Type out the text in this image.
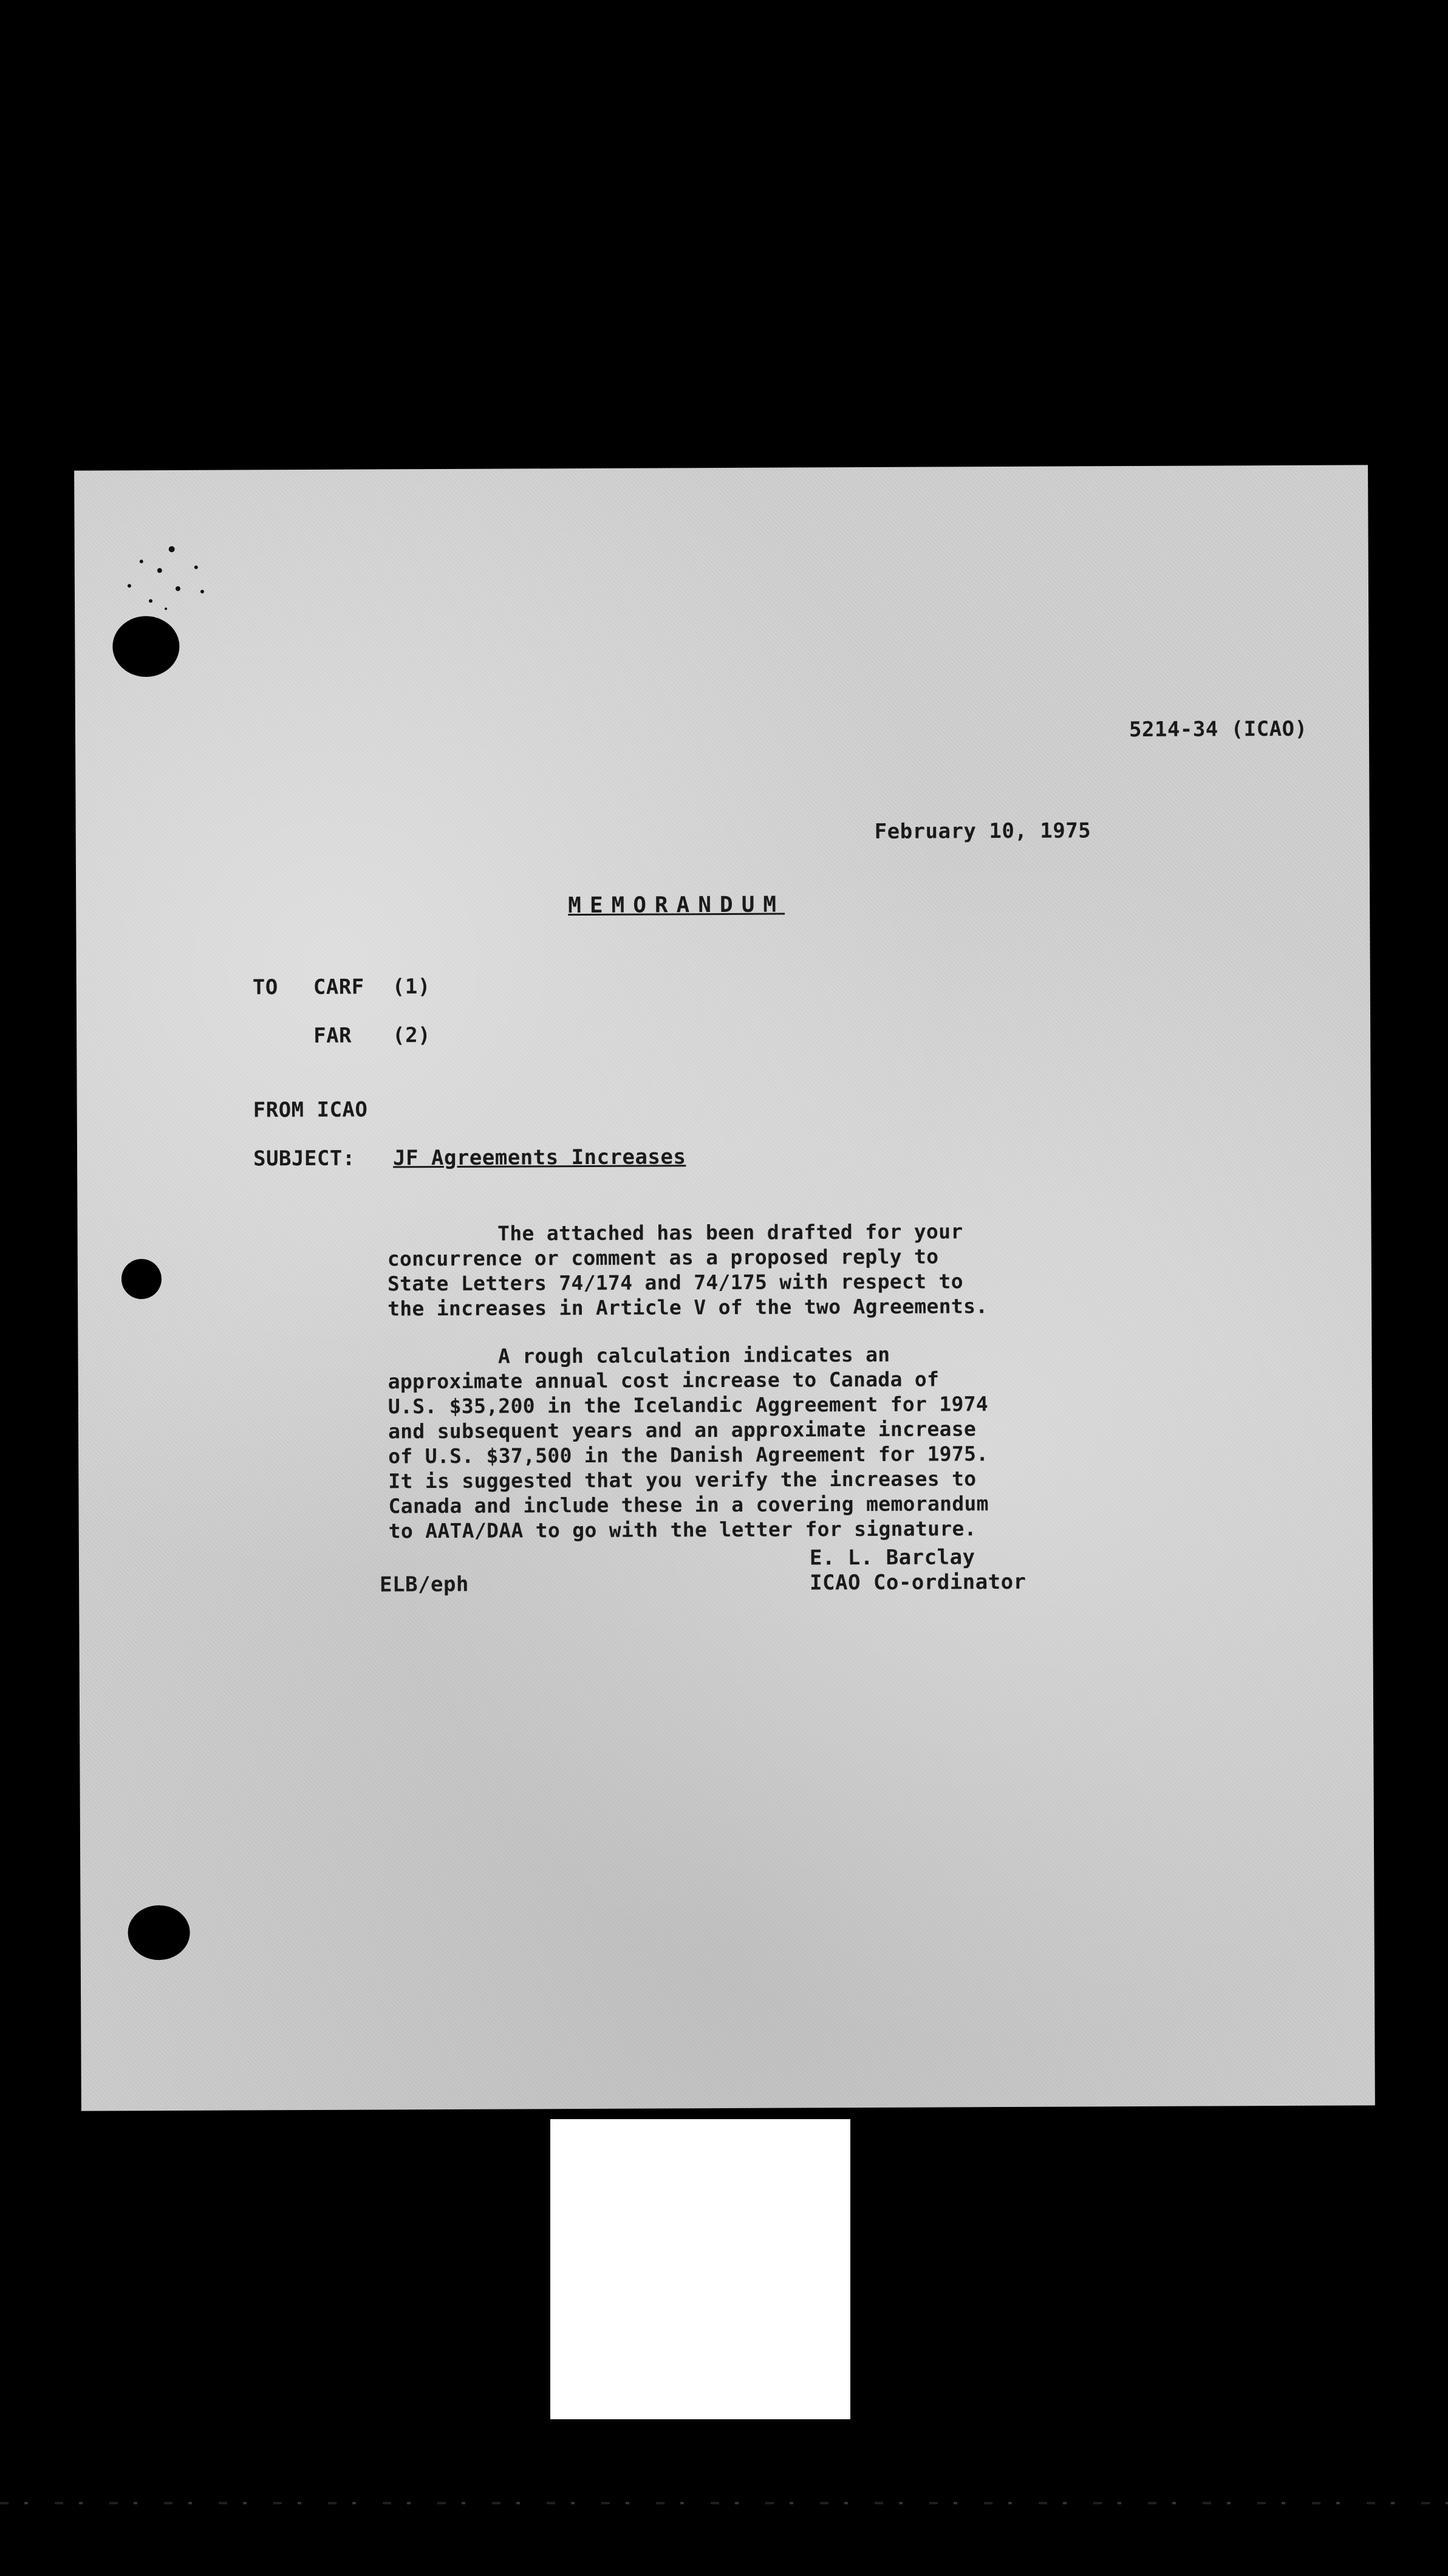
5214-34 (ICAO)
February 10, 1975
MEMORANDUM
TO CARF (1)
FAR (2)
FROM ICAO
SUBJECT: JF Agreements Increases
The attached has been drafted for your
concurrence or comment as a proposed reply to
State Letters 74/174 and 74/175 with respect to
the increases in Article V of the two Agreements.
A rough calculation indicates an
approximate annual cost increase to Canada of
U.S. $35,200 in the Icelandic Aggreement for 1974
and subsequent years and an approximate increase
of U.S. $37,500 in the Danish Agreement for 1975.
It is suggested that you verify the increases to
Canada and include these in a covering memorandum
to AATA/DAA to go with the letter for signature.
E. L. Barclay
ICAO Co-ordinator
ELB/eph
